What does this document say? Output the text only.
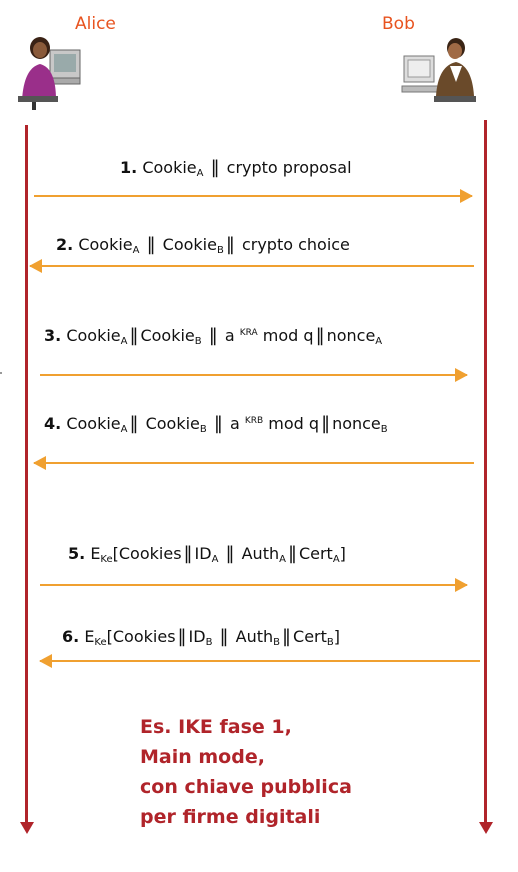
Alice	Bob
1. Cookie$_A$ ‖ crypto proposal
2. Cookie$_A$ ‖ Cookie$_B$ ‖ crypto choice
3. Cookie$_A$ ‖ Cookie$_B$ ‖ a $^{KRA}$ mod q ‖ nonce$_A$
4. Cookie$_A$ ‖ Cookie$_B$ ‖ a $^{KRB}$ mod q ‖ nonce$_B$
5. $E_{Ke}[Cookies$ ‖ $ID_A$ ‖ Auth$_A$ ‖ Cert$_A$]
6. $E_{Ke}[Cookies$ ‖ $ID_B$ ‖ Auth$_B$ ‖ Cert$_B$]
Es. IKE fase 1,
Main mode,
con chiave pubblica
per firme digitali
